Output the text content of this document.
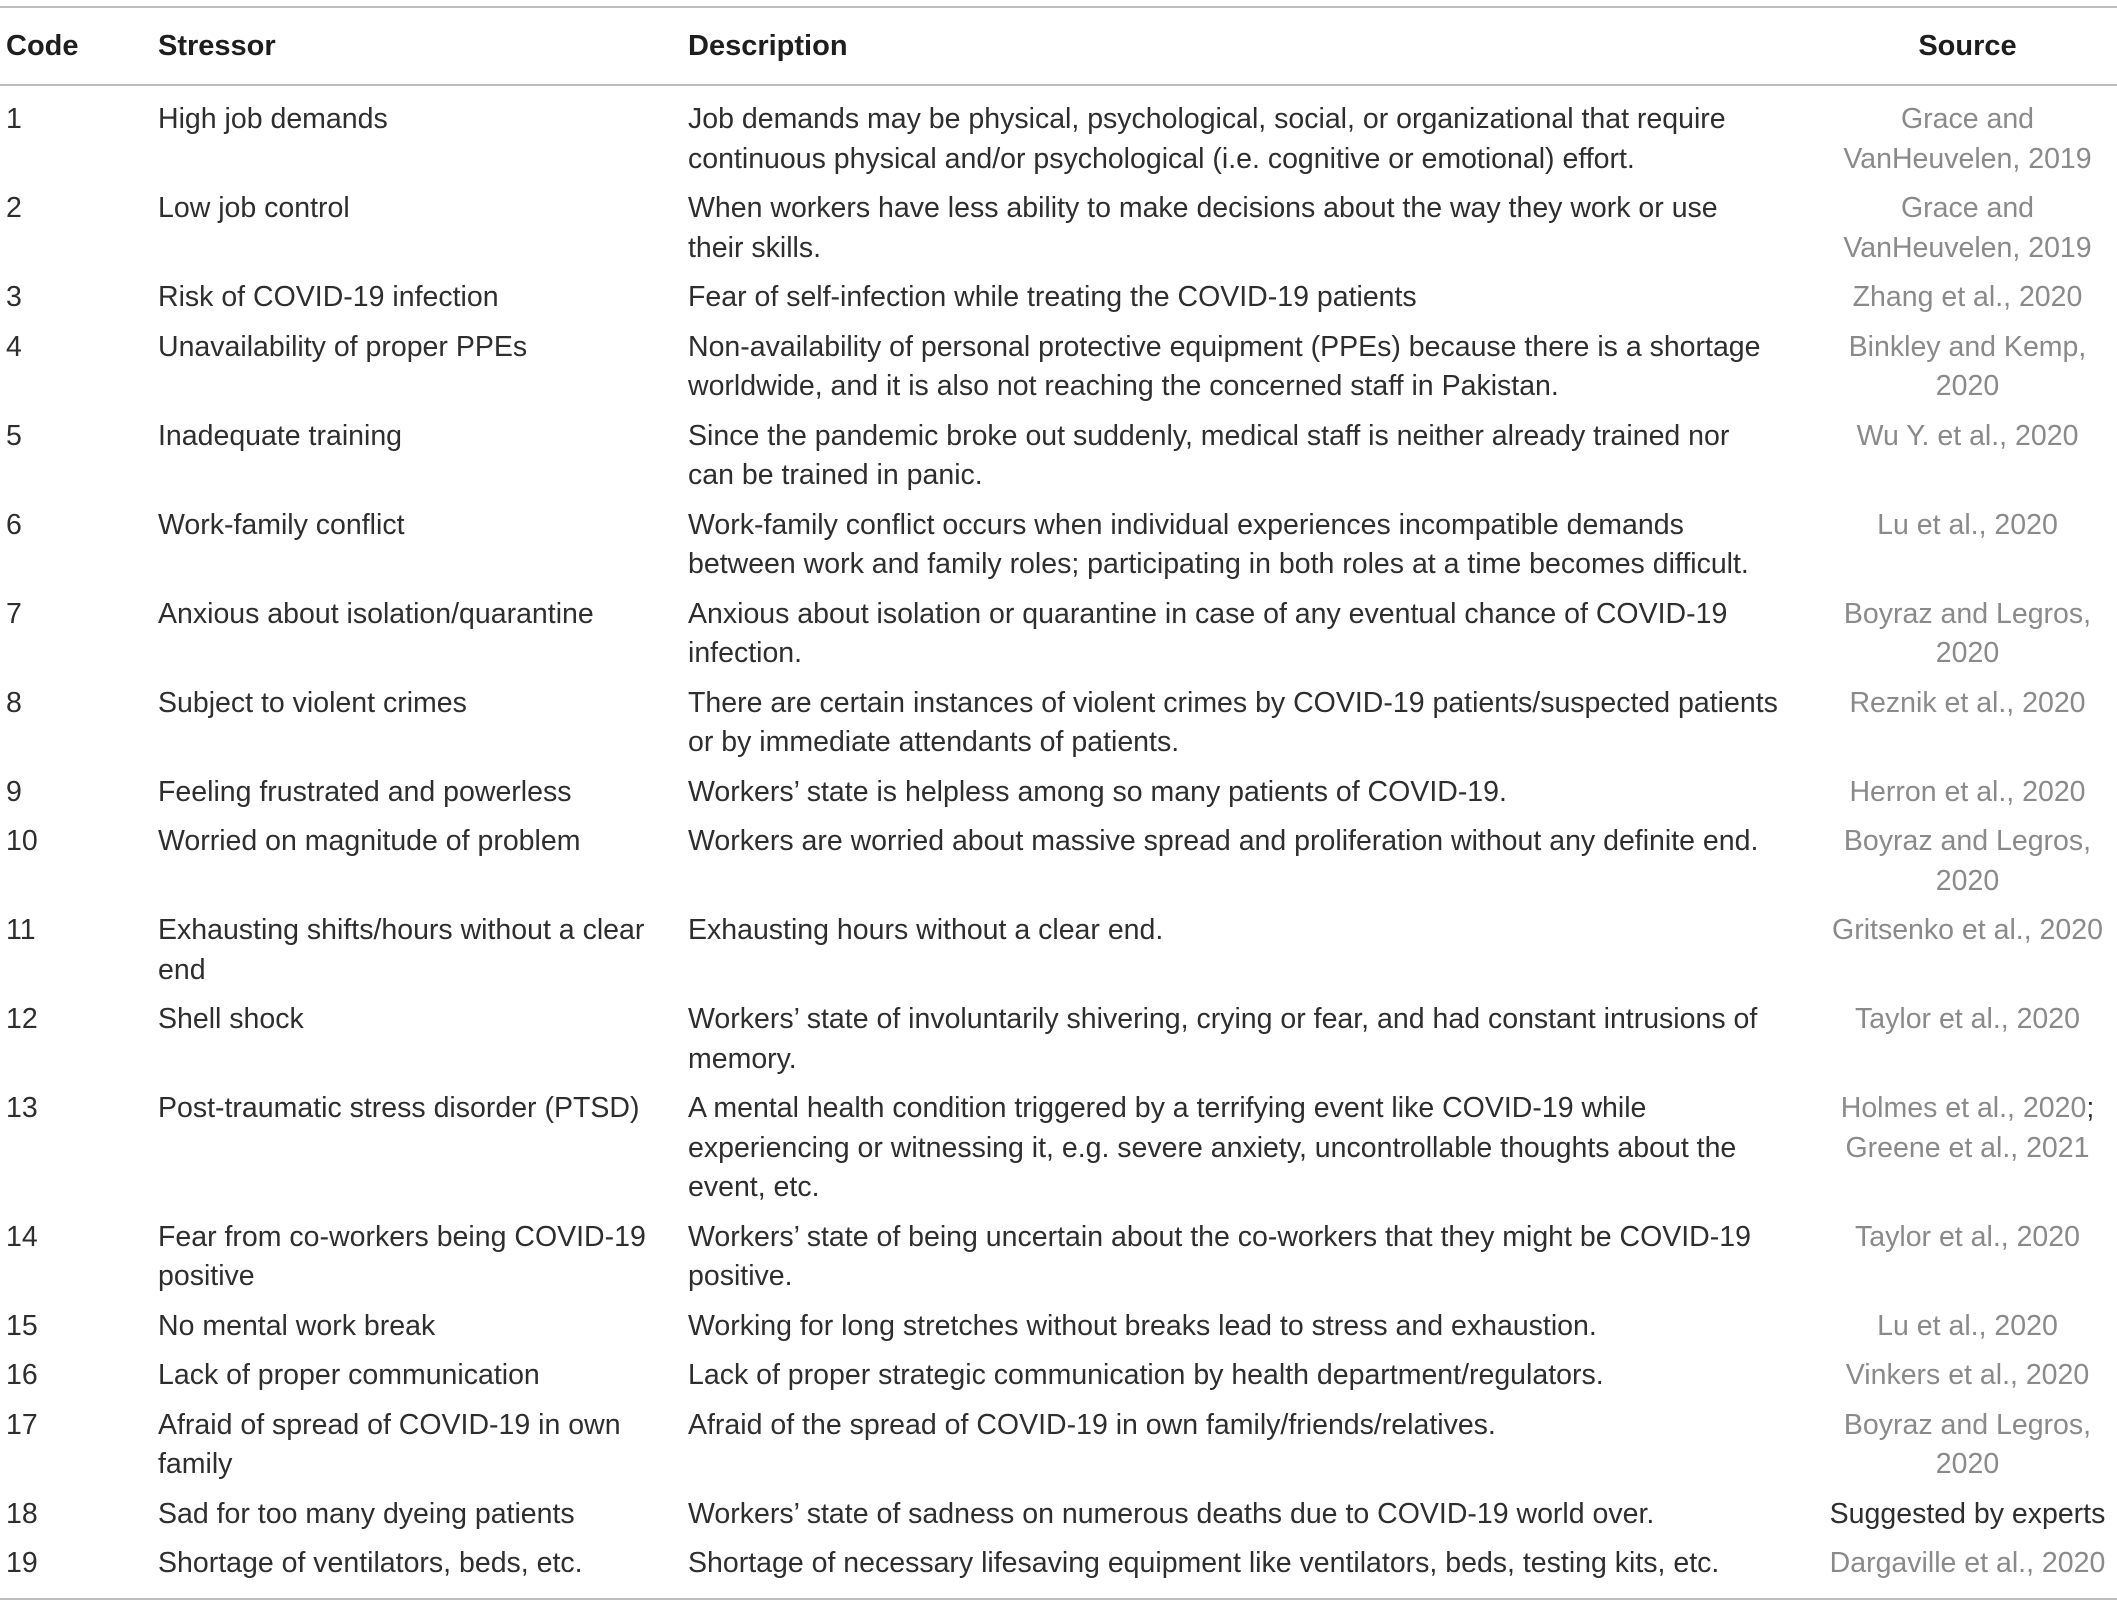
Code	Stressor	Description	Source
1	High job demands	Job demands may be physical, psychological, social, or organizational that require continuous physical and/or psychological (i.e. cognitive or emotional) effort.	Grace and VanHeuvelen, 2019
2	Low job control	When workers have less ability to make decisions about the way they work or use their skills.	Grace and VanHeuvelen, 2019
3	Risk of COVID-19 infection	Fear of self-infection while treating the COVID-19 patients	Zhang et al., 2020
4	Unavailability of proper PPEs	Non-availability of personal protective equipment (PPEs) because there is a shortage worldwide, and it is also not reaching the concerned staff in Pakistan.	Binkley and Kemp, 2020
5	Inadequate training	Since the pandemic broke out suddenly, medical staff is neither already trained nor can be trained in panic.	Wu Y. et al., 2020
6	Work-family conflict	Work-family conflict occurs when individual experiences incompatible demands between work and family roles; participating in both roles at a time becomes difficult.	Lu et al., 2020
7	Anxious about isolation/quarantine	Anxious about isolation or quarantine in case of any eventual chance of COVID-19 infection.	Boyraz and Legros, 2020
8	Subject to violent crimes	There are certain instances of violent crimes by COVID-19 patients/suspected patients or by immediate attendants of patients.	Reznik et al., 2020
9	Feeling frustrated and powerless	Workers’ state is helpless among so many patients of COVID-19.	Herron et al., 2020
10	Worried on magnitude of problem	Workers are worried about massive spread and proliferation without any definite end.	Boyraz and Legros, 2020
11	Exhausting shifts/hours without a clear end	Exhausting hours without a clear end.	Gritsenko et al., 2020
12	Shell shock	Workers’ state of involuntarily shivering, crying or fear, and had constant intrusions of memory.	Taylor et al., 2020
13	Post-traumatic stress disorder (PTSD)	A mental health condition triggered by a terrifying event like COVID-19 while experiencing or witnessing it, e.g. severe anxiety, uncontrollable thoughts about the event, etc.	Holmes et al., 2020; Greene et al., 2021
14	Fear from co-workers being COVID-19 positive	Workers’ state of being uncertain about the co-workers that they might be COVID-19 positive.	Taylor et al., 2020
15	No mental work break	Working for long stretches without breaks lead to stress and exhaustion.	Lu et al., 2020
16	Lack of proper communication	Lack of proper strategic communication by health department/regulators.	Vinkers et al., 2020
17	Afraid of spread of COVID-19 in own family	Afraid of the spread of COVID-19 in own family/friends/relatives.	Boyraz and Legros, 2020
18	Sad for too many dyeing patients	Workers’ state of sadness on numerous deaths due to COVID-19 world over.	Suggested by experts
19	Shortage of ventilators, beds, etc.	Shortage of necessary lifesaving equipment like ventilators, beds, testing kits, etc.	Dargaville et al., 2020
